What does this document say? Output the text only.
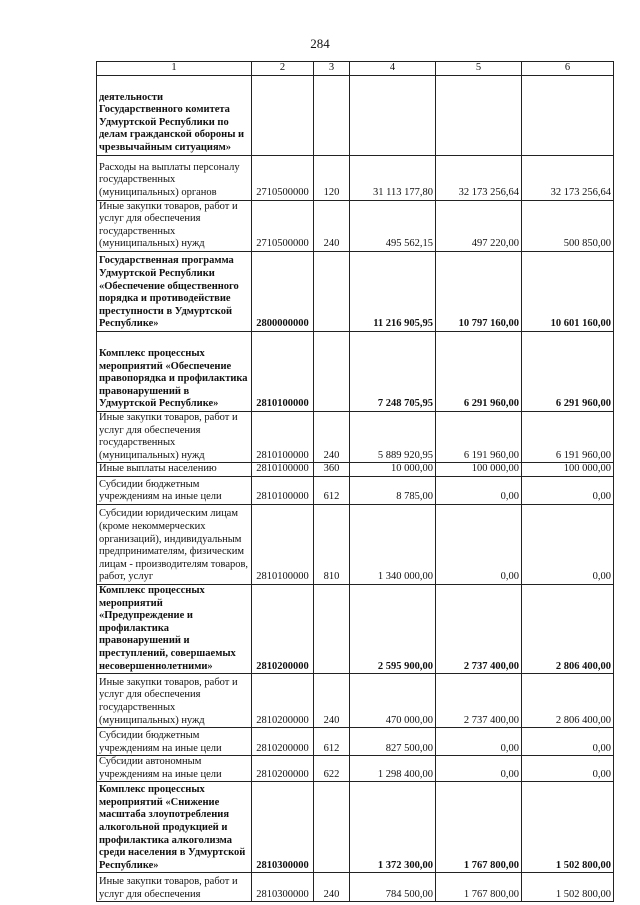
284
1	2	3	4	5	6
деятельности Государственного комитета Удмуртской Республики по делам гражданской обороны и чрезвычайным ситуациям»					
Расходы на выплаты персоналу государственных (муниципальных) органов	2710500000	120	31 113 177,80	32 173 256,64	32 173 256,64
Иные закупки товаров, работ и услуг для обеспечения государственных (муниципальных) нужд	2710500000	240	495 562,15	497 220,00	500 850,00
Государственная программа Удмуртской Республики «Обеспечение общественного порядка и противодействие преступности в Удмуртской Республике»	2800000000		11 216 905,95	10 797 160,00	10 601 160,00
Комплекс процессных мероприятий «Обеспечение правопорядка и профилактика правонарушений в Удмуртской Республике»	2810100000		7 248 705,95	6 291 960,00	6 291 960,00
Иные закупки товаров, работ и услуг для обеспечения государственных (муниципальных) нужд	2810100000	240	5 889 920,95	6 191 960,00	6 191 960,00
Иные выплаты населению	2810100000	360	10 000,00	100 000,00	100 000,00
Субсидии бюджетным учреждениям на иные цели	2810100000	612	8 785,00	0,00	0,00
Субсидии юридическим лицам (кроме некоммерческих организаций), индивидуальным предпринимателям, физическим лицам - производителям товаров, работ, услуг	2810100000	810	1 340 000,00	0,00	0,00
Комплекс процессных мероприятий «Предупреждение и профилактика правонарушений и преступлений, совершаемых несовершеннолетними»	2810200000		2 595 900,00	2 737 400,00	2 806 400,00
Иные закупки товаров, работ и услуг для обеспечения государственных (муниципальных) нужд	2810200000	240	470 000,00	2 737 400,00	2 806 400,00
Субсидии бюджетным учреждениям на иные цели	2810200000	612	827 500,00	0,00	0,00
Субсидии автономным учреждениям на иные цели	2810200000	622	1 298 400,00	0,00	0,00
Комплекс процессных мероприятий «Снижение масштаба злоупотребления алкогольной продукцией и профилактика алкоголизма среди населения в Удмуртской Республике»	2810300000		1 372 300,00	1 767 800,00	1 502 800,00
Иные закупки товаров, работ и услуг для обеспечения	2810300000	240	784 500,00	1 767 800,00	1 502 800,00
